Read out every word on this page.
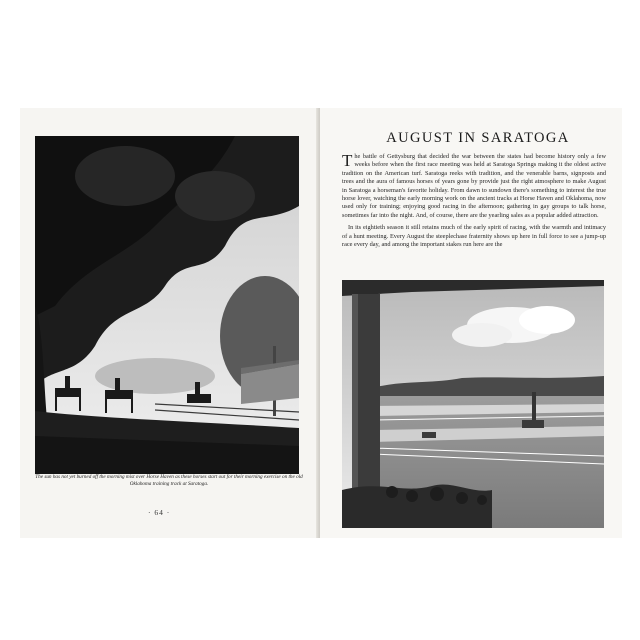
The sun has not yet burned off the morning mist over Horse Haven as these horses start out for their morning exercise on the old Oklahoma training track at Saratoga.
· 64 ·
AUGUST IN SARATOGA

The battle of Gettysburg that decided the war between the states had become history only a few weeks before when the first race meeting was held at Saratoga Springs making it the oldest active tradition on the American turf. Saratoga reeks with tradition, and the venerable barns, signposts and trees and the aura of famous horses of years gone by provide just the right atmosphere to make August in Saratoga a horseman's favorite holiday. From dawn to sundown there's something to interest the true horse lover, watching the early morning work on the ancient tracks at Horse Haven and Oklahoma, now used only for training; enjoying good racing in the afternoon; gathering in gay groups to talk horse, sometimes far into the night. And, of course, there are the yearling sales as a popular added attraction.

In its eightieth season it still retains much of the early spirit of racing, with the warmth and intimacy of a hunt meeting. Every August the steeplechase fraternity shows up here in full force to see a jump-up race every day, and among the important stakes run here are the
